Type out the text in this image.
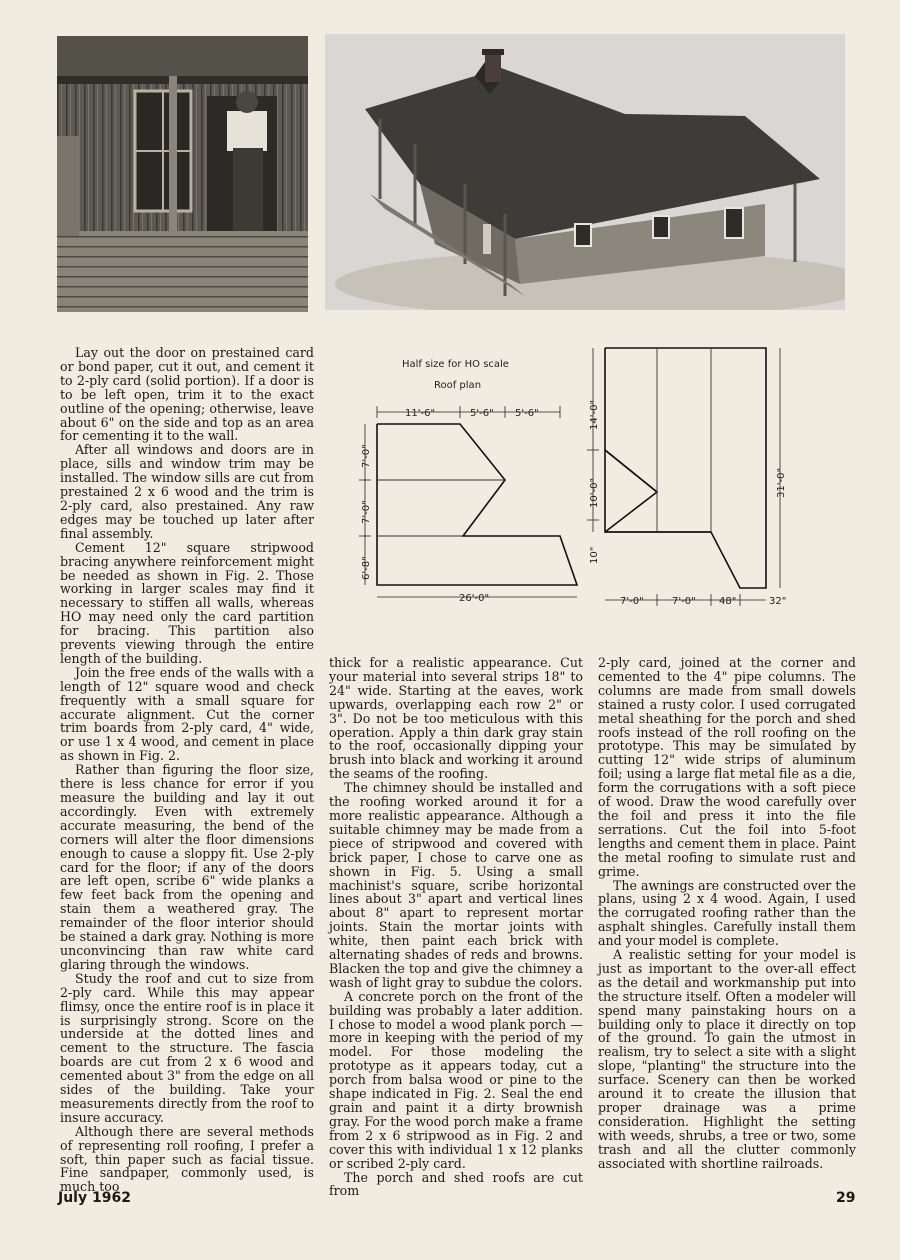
Half size for HO scale
Roof plan
11'-6"	5'-6" 5'-6"
7'-0"
7'-0"
6'-8"
26'-0"
14'-0"
10'-0"
10"
31'-0"
7'-0"	7'-0" 48"	32"

Lay out the door on prestained card or bond paper, cut it out, and cement it to 2-ply card (solid portion). If a door is to be left open, trim it to the exact outline of the opening; otherwise, leave about 6" on the side and top as an area for cementing it to the wall.

After all windows and doors are in place, sills and window trim may be installed. The window sills are cut from prestained 2 x 6 wood and the trim is 2-ply card, also prestained. Any raw edges may be touched up later after final assembly.

Cement 12" square stripwood bracing anywhere reinforcement might be needed as shown in Fig. 2. Those working in larger scales may find it necessary to stiffen all walls, whereas HO may need only the card partition for bracing. This partition also prevents viewing through the entire length of the building.

Join the free ends of the walls with a length of 12" square wood and check frequently with a small square for accurate alignment. Cut the corner trim boards from 2-ply card, 4" wide, or use 1 x 4 wood, and cement in place as shown in Fig. 2.

Rather than figuring the floor size, there is less chance for error if you measure the building and lay it out accordingly. Even with extremely accurate measuring, the bend of the corners will alter the floor dimensions enough to cause a sloppy fit. Use 2-ply card for the floor; if any of the doors are left open, scribe 6" wide planks a few feet back from the opening and stain them a weathered gray. The remainder of the floor interior should be stained a dark gray. Nothing is more unconvincing than raw white card glaring through the windows.

Study the roof and cut to size from 2-ply card. While this may appear flimsy, once the entire roof is in place it is surprisingly strong. Score on the underside at the dotted lines and cement to the structure. The fascia boards are cut from 2 x 6 wood and cemented about 3" from the edge on all sides of the building. Take your measurements directly from the roof to insure accuracy.

Although there are several methods of representing roll roofing, I prefer a soft, thin paper such as facial tissue. Fine sandpaper, commonly used, is much too

thick for a realistic appearance. Cut your material into several strips 18" to 24" wide. Starting at the eaves, work upwards, overlapping each row 2" or 3". Do not be too meticulous with this operation. Apply a thin dark gray stain to the roof, occasionally dipping your brush into black and working it around the seams of the roofing.

The chimney should be installed and the roofing worked around it for a more realistic appearance. Although a suitable chimney may be made from a piece of stripwood and covered with brick paper, I chose to carve one as shown in Fig. 5. Using a small machinist's square, scribe horizontal lines about 3" apart and vertical lines about 8" apart to represent mortar joints. Stain the mortar joints with white, then paint each brick with alternating shades of reds and browns. Blacken the top and give the chimney a wash of light gray to subdue the colors.

A concrete porch on the front of the building was probably a later addition. I chose to model a wood plank porch — more in keeping with the period of my model. For those modeling the prototype as it appears today, cut a porch from balsa wood or pine to the shape indicated in Fig. 2. Seal the end grain and paint it a dirty brownish gray. For the wood porch make a frame from 2 x 6 stripwood as in Fig. 2 and cover this with individual 1 x 12 planks or scribed 2-ply card.

The porch and shed roofs are cut from

2-ply card, joined at the corner and cemented to the 4" pipe columns. The columns are made from small dowels stained a rusty color. I used corrugated metal sheathing for the porch and shed roofs instead of the roll roofing on the prototype. This may be simulated by cutting 12" wide strips of aluminum foil; using a large flat metal file as a die, form the corrugations with a soft piece of wood. Draw the wood carefully over the foil and press it into the file serrations. Cut the foil into 5-foot lengths and cement them in place. Paint the metal roofing to simulate rust and grime.

The awnings are constructed over the plans, using 2 x 4 wood. Again, I used the corrugated roofing rather than the asphalt shingles. Carefully install them and your model is complete.

A realistic setting for your model is just as important to the over-all effect as the detail and workmanship put into the structure itself. Often a modeler will spend many painstaking hours on a building only to place it directly on top of the ground. To gain the utmost in realism, try to select a site with a slight slope, "planting" the structure into the surface. Scenery can then be worked around it to create the illusion that proper drainage was a prime consideration. Highlight the setting with weeds, shrubs, a tree or two, some trash and all the clutter commonly associated with shortline railroads.

July 1962	29
